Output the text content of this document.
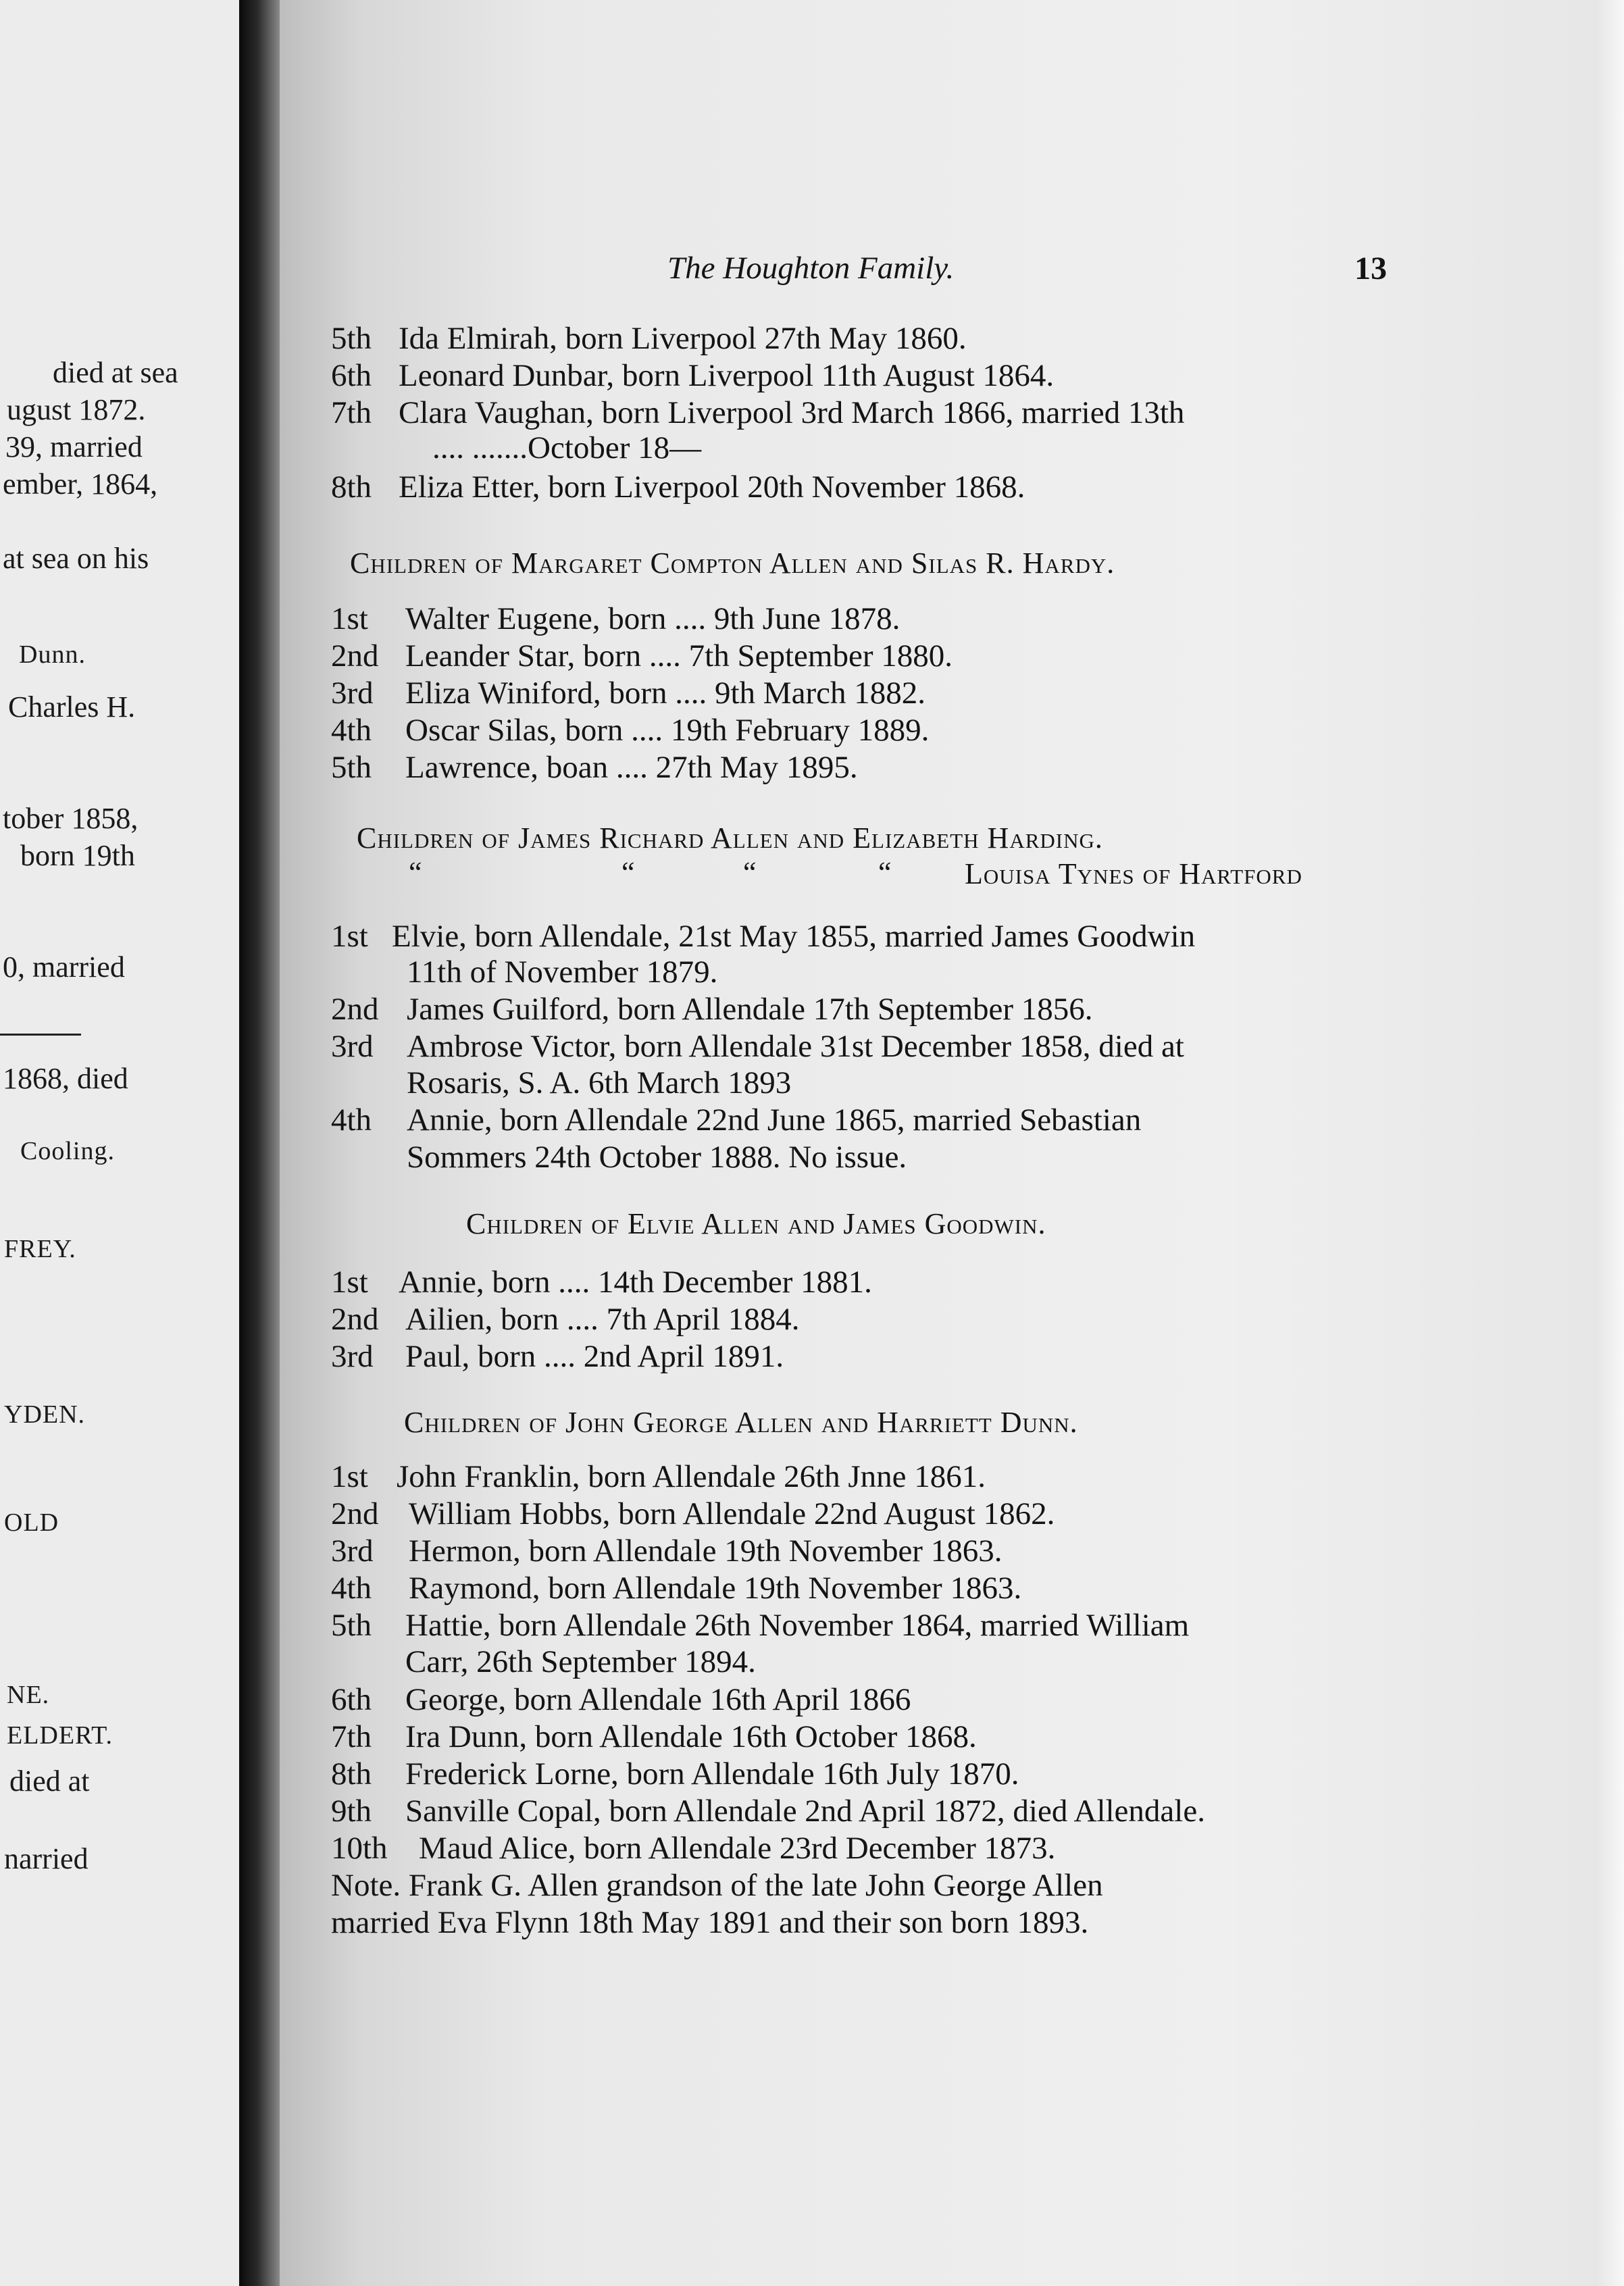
died at sea
ugust 1872.
39, married
ember, 1864,
at sea on his
Dunn.
Charles H.
tober 1858,
born 19th
0, married
1868, died
Cooling.
FREY.
YDEN.
OLD
NE.
ELDERT.
died at
narried
The Houghton Family.	13
5th Ida Elmirah, born Liverpool 27th May 1860.
6th Leonard Dunbar, born Liverpool 11th August 1864.
7th Clara Vaughan, born Liverpool 3rd March 1866, married 13th
.... .......October 18—
8th Eliza Etter, born Liverpool 20th November 1868.
Children of Margaret Compton Allen and Silas R. Hardy.
1st Walter Eugene, born .... 9th June 1878.
2nd Leander Star, born .... 7th September 1880.
3rd Eliza Winiford, born .... 9th March 1882.
4th Oscar Silas, born .... 19th February 1889.
5th Lawrence, boan .... 27th May 1895.
Children of James Richard Allen and Elizabeth Harding.
“	“	“	“ Louisa Tynes of Hartford
1st Elvie, born Allendale, 21st May 1855, married James Goodwin
11th of November 1879.
2nd James Guilford, born Allendale 17th September 1856.
3rd Ambrose Victor, born Allendale 31st December 1858, died at
Rosaris, S. A. 6th March 1893
4th Annie, born Allendale 22nd June 1865, married Sebastian
Sommers 24th October 1888. No issue.
Children of Elvie Allen and James Goodwin.
1st Annie, born .... 14th December 1881.
2nd Ailien, born .... 7th April 1884.
3rd Paul, born .... 2nd April 1891.
Children of John George Allen and Harriett Dunn.
1st John Franklin, born Allendale 26th Jnne 1861.
2nd William Hobbs, born Allendale 22nd August 1862.
3rd Hermon, born Allendale 19th November 1863.
4th Raymond, born Allendale 19th November 1863.
5th Hattie, born Allendale 26th November 1864, married William
Carr, 26th September 1894.
6th George, born Allendale 16th April 1866
7th Ira Dunn, born Allendale 16th October 1868.
8th Frederick Lorne, born Allendale 16th July 1870.
9th Sanville Copal, born Allendale 2nd April 1872, died Allendale.
10th Maud Alice, born Allendale 23rd December 1873.
Note. Frank G. Allen grandson of the late John George Allen
married Eva Flynn 18th May 1891 and their son born 1893.
